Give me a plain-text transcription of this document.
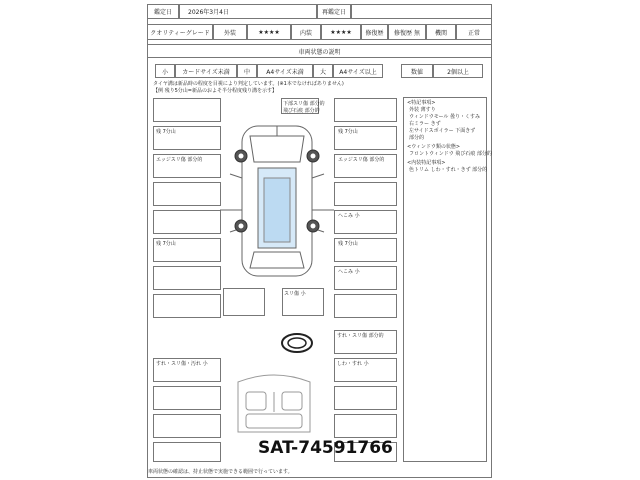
鑑定日	2026年3月4日	再鑑定日
クオリティーグレード	外装	★★★★	内装	★★★★	修復歴	修復歴 無	機関	正常
車両状態の説明
小	カードサイズ未満	中	A4サイズ未満	大	A4サイズ以上	数値	2個以上
タイヤ溝は新品時の程度を目視により判定しています。(※1本でなければありません)
【例 残り5分山=新品のおよそ半分程度残り溝を示す】
<特記事項>
外装 薄すり
ウィンドウモール 曇り・くすみ
右ミラー きず
左サイドスポイラー 下面きず
部分的
<ウィンドウ類の状態>
フロントウィンドウ 飛び石痕 部分的
<内装特記事項>
色トリム しわ・すれ・きず 部分的
下部スリ傷 部分的
飛び石痕 部分的
残 7分山	残 7分山
エッジスリ傷 部分的	エッジスリ傷 部分的
へこみ 小
残 7分山	残 7分山
へこみ 小
スリ傷 小
すれ・スリ傷 部分的
すれ・スリ傷・汚れ 小	しわ・すれ 小
SAT-74591766
車両状態の確認は、持止状態で実施できる範囲で行っています。
